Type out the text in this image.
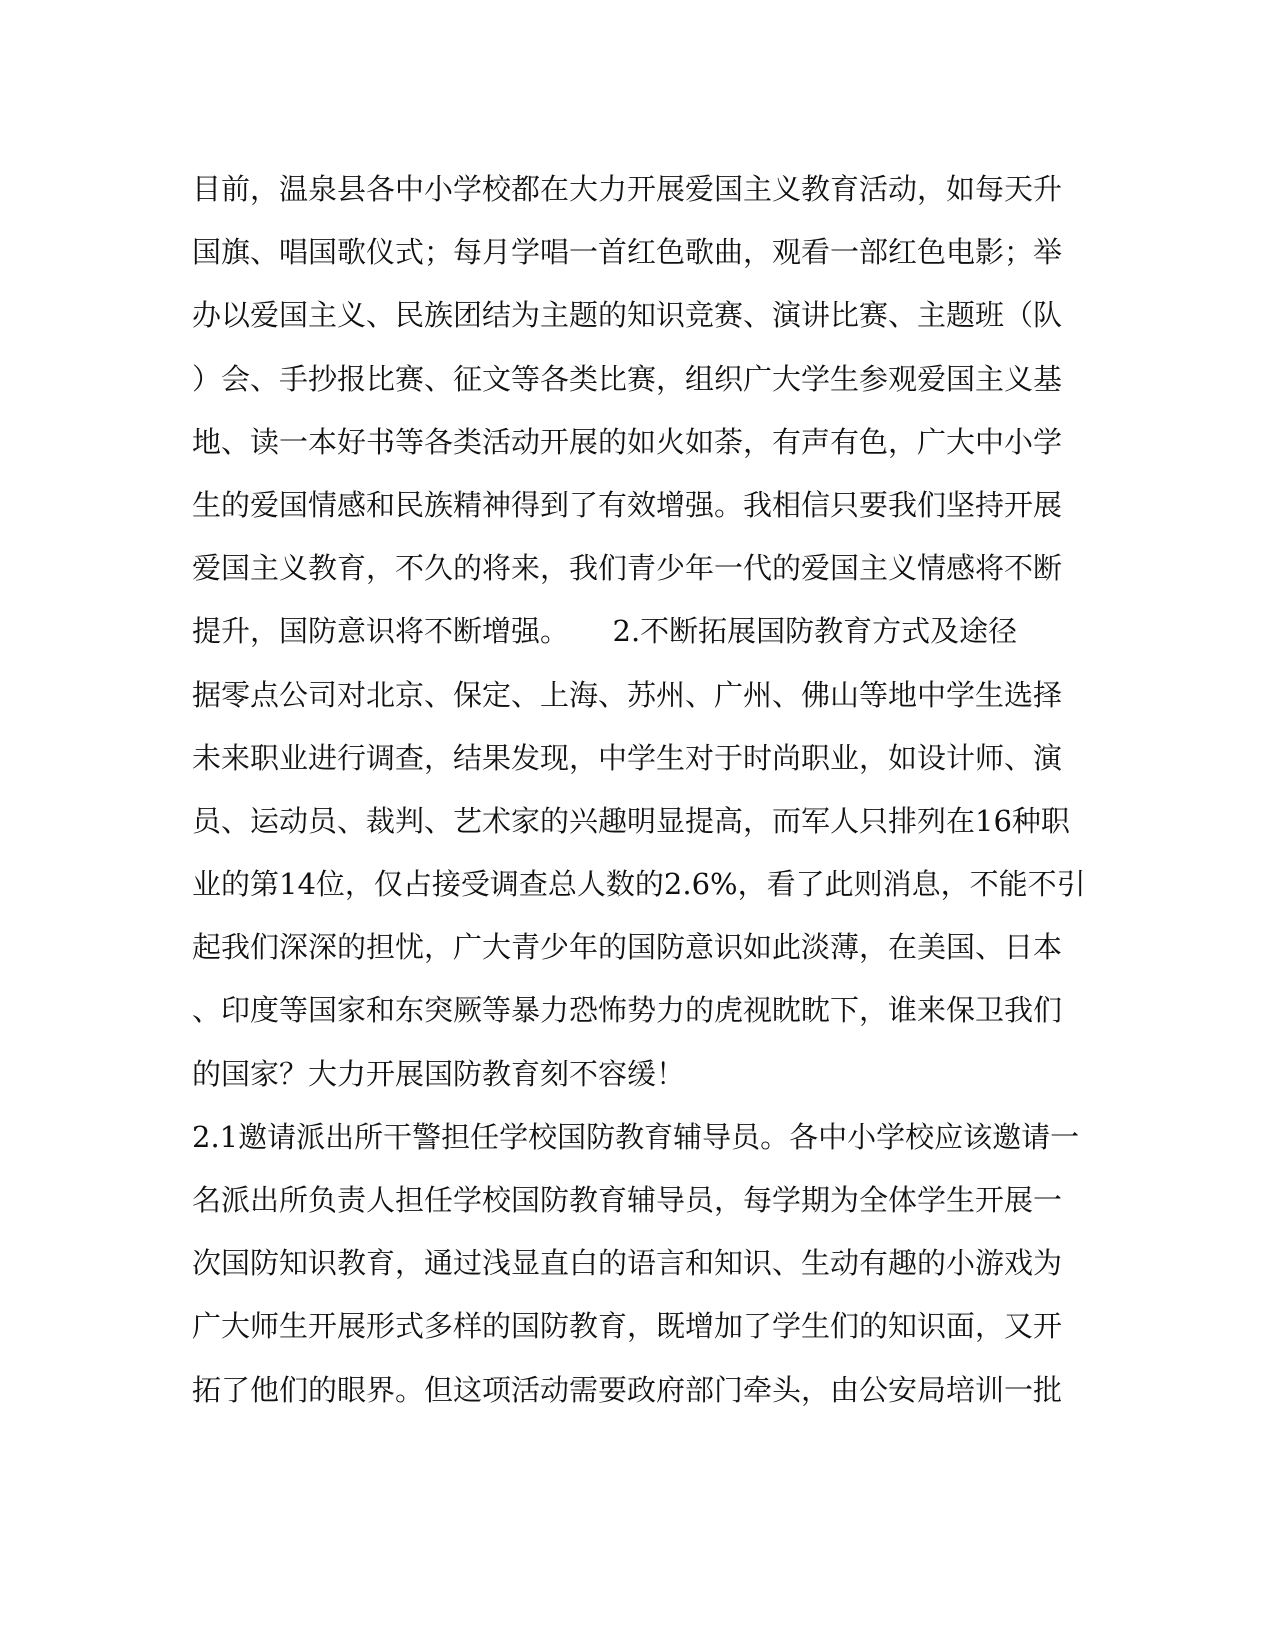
目前，温泉县各中小学校都在大力开展爱国主义教育活动，如每天升
国旗、唱国歌仪式；每月学唱一首红色歌曲，观看一部红色电影；举
办以爱国主义、民族团结为主题的知识竞赛、演讲比赛、主题班（队
）会、手抄报比赛、征文等各类比赛，组织广大学生参观爱国主义基
地、读一本好书等各类活动开展的如火如荼，有声有色，广大中小学
生的爱国情感和民族精神得到了有效增强。我相信只要我们坚持开展
爱国主义教育，不久的将来，我们青少年一代的爱国主义情感将不断
提升，国防意识将不断增强。　　2.不断拓展国防教育方式及途径
据零点公司对北京、保定、上海、苏州、广州、佛山等地中学生选择
未来职业进行调查，结果发现，中学生对于时尚职业，如设计师、演
员、运动员、裁判、艺术家的兴趣明显提高，而军人只排列在16种职
业的第14位，仅占接受调查总人数的2.6%，看了此则消息，不能不引
起我们深深的担忧，广大青少年的国防意识如此淡薄，在美国、日本
、印度等国家和东突厥等暴力恐怖势力的虎视眈眈下，谁来保卫我们
的国家？大力开展国防教育刻不容缓！
2.1邀请派出所干警担任学校国防教育辅导员。各中小学校应该邀请一
名派出所负责人担任学校国防教育辅导员，每学期为全体学生开展一
次国防知识教育，通过浅显直白的语言和知识、生动有趣的小游戏为
广大师生开展形式多样的国防教育，既增加了学生们的知识面，又开
拓了他们的眼界。但这项活动需要政府部门牵头，由公安局培训一批
